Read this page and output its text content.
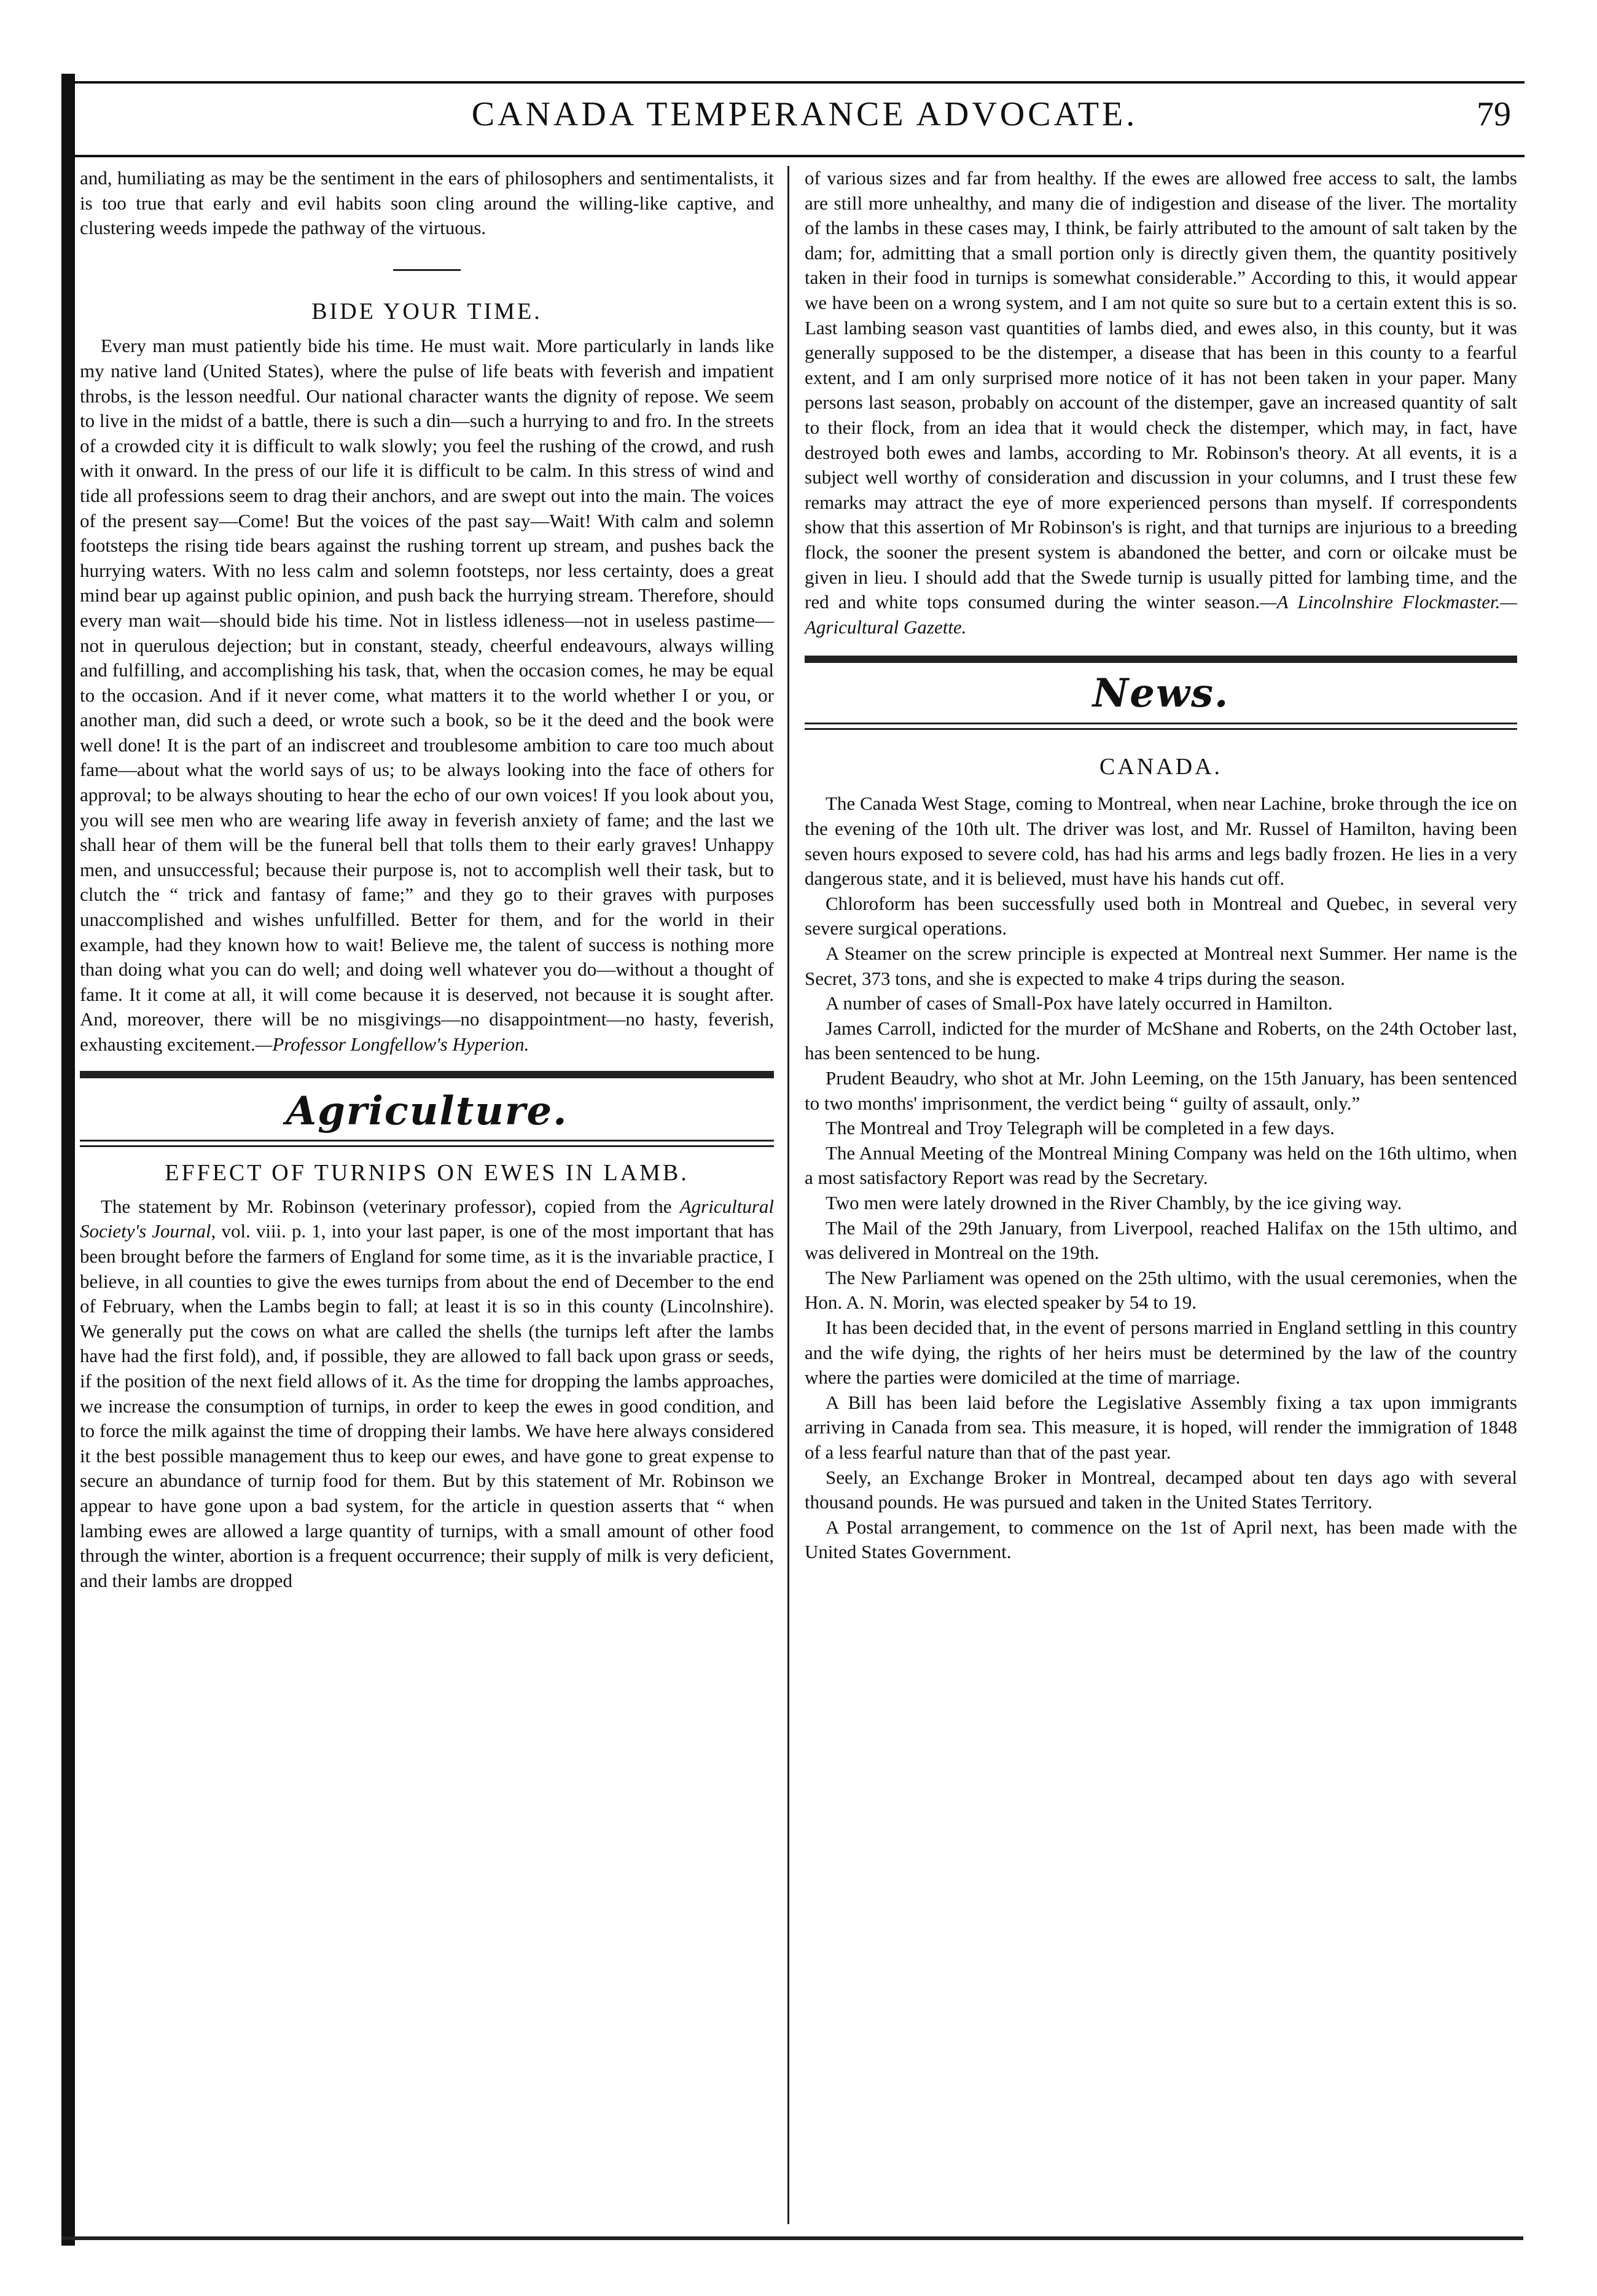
CANADA TEMPERANCE ADVOCATE.	79

and, humiliating as may be the sentiment in the ears of philosophers and sentimentalists, it is too true that early and evil habits soon cling around the willing-like captive, and clustering weeds impede the pathway of the virtuous.

BIDE YOUR TIME.

Every man must patiently bide his time. He must wait. More particularly in lands like my native land (United States), where the pulse of life beats with feverish and impatient throbs, is the lesson needful. Our national character wants the dignity of repose. We seem to live in the midst of a battle, there is such a din—such a hurrying to and fro. In the streets of a crowded city it is difficult to walk slowly; you feel the rushing of the crowd, and rush with it onward. In the press of our life it is difficult to be calm. In this stress of wind and tide all professions seem to drag their anchors, and are swept out into the main. The voices of the present say—Come! But the voices of the past say—Wait! With calm and solemn footsteps the rising tide bears against the rushing torrent up stream, and pushes back the hurrying waters. With no less calm and solemn footsteps, nor less certainty, does a great mind bear up against public opinion, and push back the hurrying stream. Therefore, should every man wait—should bide his time. Not in listless idleness—not in useless pastime—not in querulous dejection; but in constant, steady, cheerful endeavours, always willing and fulfilling, and accomplishing his task, that, when the occasion comes, he may be equal to the occasion. And if it never come, what matters it to the world whether I or you, or another man, did such a deed, or wrote such a book, so be it the deed and the book were well done! It is the part of an indiscreet and troublesome ambition to care too much about fame—about what the world says of us; to be always looking into the face of others for approval; to be always shouting to hear the echo of our own voices! If you look about you, you will see men who are wearing life away in feverish anxiety of fame; and the last we shall hear of them will be the funeral bell that tolls them to their early graves! Unhappy men, and unsuccessful; because their purpose is, not to accomplish well their task, but to clutch the “ trick and fantasy of fame;” and they go to their graves with purposes unaccomplished and wishes unfulfilled. Better for them, and for the world in their example, had they known how to wait! Believe me, the talent of success is nothing more than doing what you can do well; and doing well whatever you do—without a thought of fame. It it come at all, it will come because it is deserved, not because it is sought after. And, moreover, there will be no misgivings—no disappointment—no hasty, feverish, exhausting excitement.—Professor Longfellow's Hyperion.

Agriculture.
EFFECT OF TURNIPS ON EWES IN LAMB.

The statement by Mr. Robinson (veterinary professor), copied from the Agricultural Society's Journal, vol. viii. p. 1, into your last paper, is one of the most important that has been brought before the farmers of England for some time, as it is the invariable practice, I believe, in all counties to give the ewes turnips from about the end of December to the end of February, when the Lambs begin to fall; at least it is so in this county (Lincolnshire). We generally put the cows on what are called the shells (the turnips left after the lambs have had the first fold), and, if possible, they are allowed to fall back upon grass or seeds, if the position of the next field allows of it. As the time for dropping the lambs approaches, we increase the consumption of turnips, in order to keep the ewes in good condition, and to force the milk against the time of dropping their lambs. We have here always considered it the best possible management thus to keep our ewes, and have gone to great expense to secure an abundance of turnip food for them. But by this statement of Mr. Robinson we appear to have gone upon a bad system, for the article in question asserts that “ when lambing ewes are allowed a large quantity of turnips, with a small amount of other food through the winter, abortion is a frequent occurrence; their supply of milk is very deficient, and their lambs are dropped

of various sizes and far from healthy. If the ewes are allowed free access to salt, the lambs are still more unhealthy, and many die of indigestion and disease of the liver. The mortality of the lambs in these cases may, I think, be fairly attributed to the amount of salt taken by the dam; for, admitting that a small portion only is directly given them, the quantity positively taken in their food in turnips is somewhat considerable.” According to this, it would appear we have been on a wrong system, and I am not quite so sure but to a certain extent this is so. Last lambing season vast quantities of lambs died, and ewes also, in this county, but it was generally supposed to be the distemper, a disease that has been in this county to a fearful extent, and I am only surprised more notice of it has not been taken in your paper. Many persons last season, probably on account of the distemper, gave an increased quantity of salt to their flock, from an idea that it would check the distemper, which may, in fact, have destroyed both ewes and lambs, according to Mr. Robinson's theory. At all events, it is a subject well worthy of consideration and discussion in your columns, and I trust these few remarks may attract the eye of more experienced persons than myself. If correspondents show that this assertion of Mr Robinson's is right, and that turnips are injurious to a breeding flock, the sooner the present system is abandoned the better, and corn or oilcake must be given in lieu. I should add that the Swede turnip is usually pitted for lambing time, and the red and white tops consumed during the winter season.—A Lincolnshire Flockmaster.—Agricultural Gazette.

News.
CANADA.

The Canada West Stage, coming to Montreal, when near Lachine, broke through the ice on the evening of the 10th ult. The driver was lost, and Mr. Russel of Hamilton, having been seven hours exposed to severe cold, has had his arms and legs badly frozen. He lies in a very dangerous state, and it is believed, must have his hands cut off.

Chloroform has been successfully used both in Montreal and Quebec, in several very severe surgical operations.

A Steamer on the screw principle is expected at Montreal next Summer. Her name is the Secret, 373 tons, and she is expected to make 4 trips during the season.

A number of cases of Small-Pox have lately occurred in Hamilton.

James Carroll, indicted for the murder of McShane and Roberts, on the 24th October last, has been sentenced to be hung.

Prudent Beaudry, who shot at Mr. John Leeming, on the 15th January, has been sentenced to two months' imprisonment, the verdict being “ guilty of assault, only.”

The Montreal and Troy Telegraph will be completed in a few days.

The Annual Meeting of the Montreal Mining Company was held on the 16th ultimo, when a most satisfactory Report was read by the Secretary.

Two men were lately drowned in the River Chambly, by the ice giving way.

The Mail of the 29th January, from Liverpool, reached Halifax on the 15th ultimo, and was delivered in Montreal on the 19th.

The New Parliament was opened on the 25th ultimo, with the usual ceremonies, when the Hon. A. N. Morin, was elected speaker by 54 to 19.

It has been decided that, in the event of persons married in England settling in this country and the wife dying, the rights of her heirs must be determined by the law of the country where the parties were domiciled at the time of marriage.

A Bill has been laid before the Legislative Assembly fixing a tax upon immigrants arriving in Canada from sea. This measure, it is hoped, will render the immigration of 1848 of a less fearful nature than that of the past year.

Seely, an Exchange Broker in Montreal, decamped about ten days ago with several thousand pounds. He was pursued and taken in the United States Territory.

A Postal arrangement, to commence on the 1st of April next, has been made with the United States Government.
